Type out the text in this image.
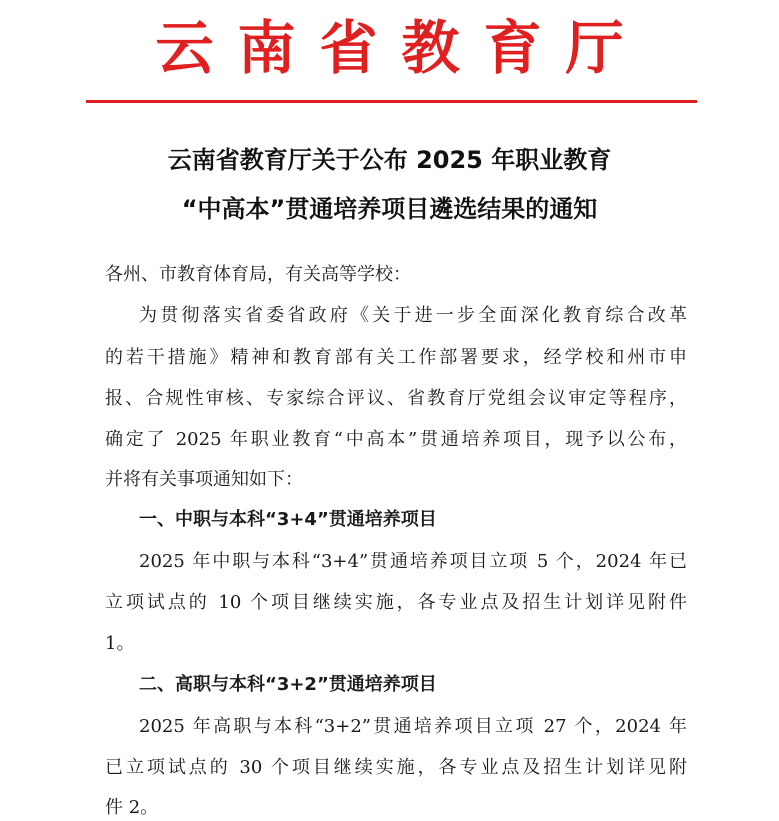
云南省教育厅
云南省教育厅关于公布 2025 年职业教育
“中高本”贯通培养项目遴选结果的通知
各州、市教育体育局，有关高等学校：
为贯彻落实省委省政府《关于进一步全面深化教育综合改革
的若干措施》精神和教育部有关工作部署要求，经学校和州市申
报、合规性审核、专家综合评议、省教育厅党组会议审定等程序，
确定了 2025 年职业教育“中高本”贯通培养项目，现予以公布，
并将有关事项通知如下：
一、中职与本科“3+4”贯通培养项目
2025 年中职与本科“3+4”贯通培养项目立项 5 个，2024 年已
立项试点的 10 个项目继续实施，各专业点及招生计划详见附件
1。
二、高职与本科“3+2”贯通培养项目
2025 年高职与本科“3+2”贯通培养项目立项 27 个，2024 年
已立项试点的 30 个项目继续实施，各专业点及招生计划详见附
件 2。
